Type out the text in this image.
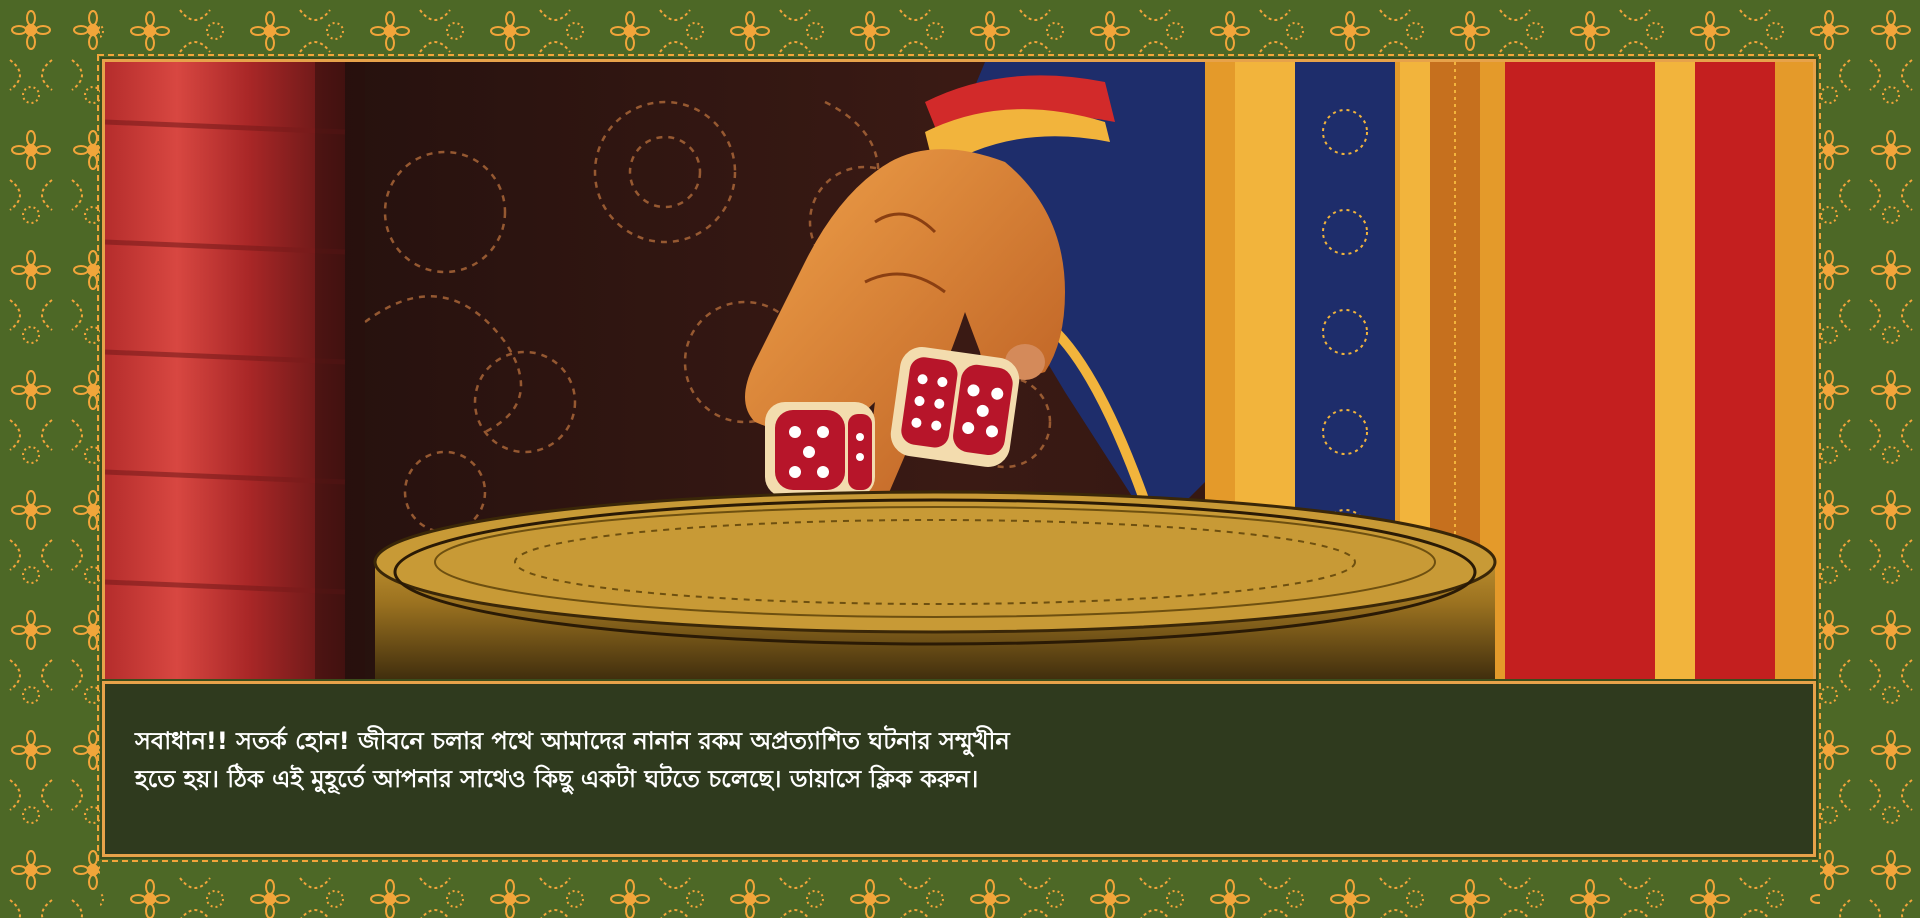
সবাধান!! সতর্ক হোন! জীবনে চলার পথে আমাদের নানান রকম অপ্রত্যাশিত ঘটনার সম্মুখীন

হতে হয়। ঠিক এই মুহূর্তে আপনার সাথেও কিছু একটা ঘটতে চলেছে। ডায়াসে ক্লিক করুন।
